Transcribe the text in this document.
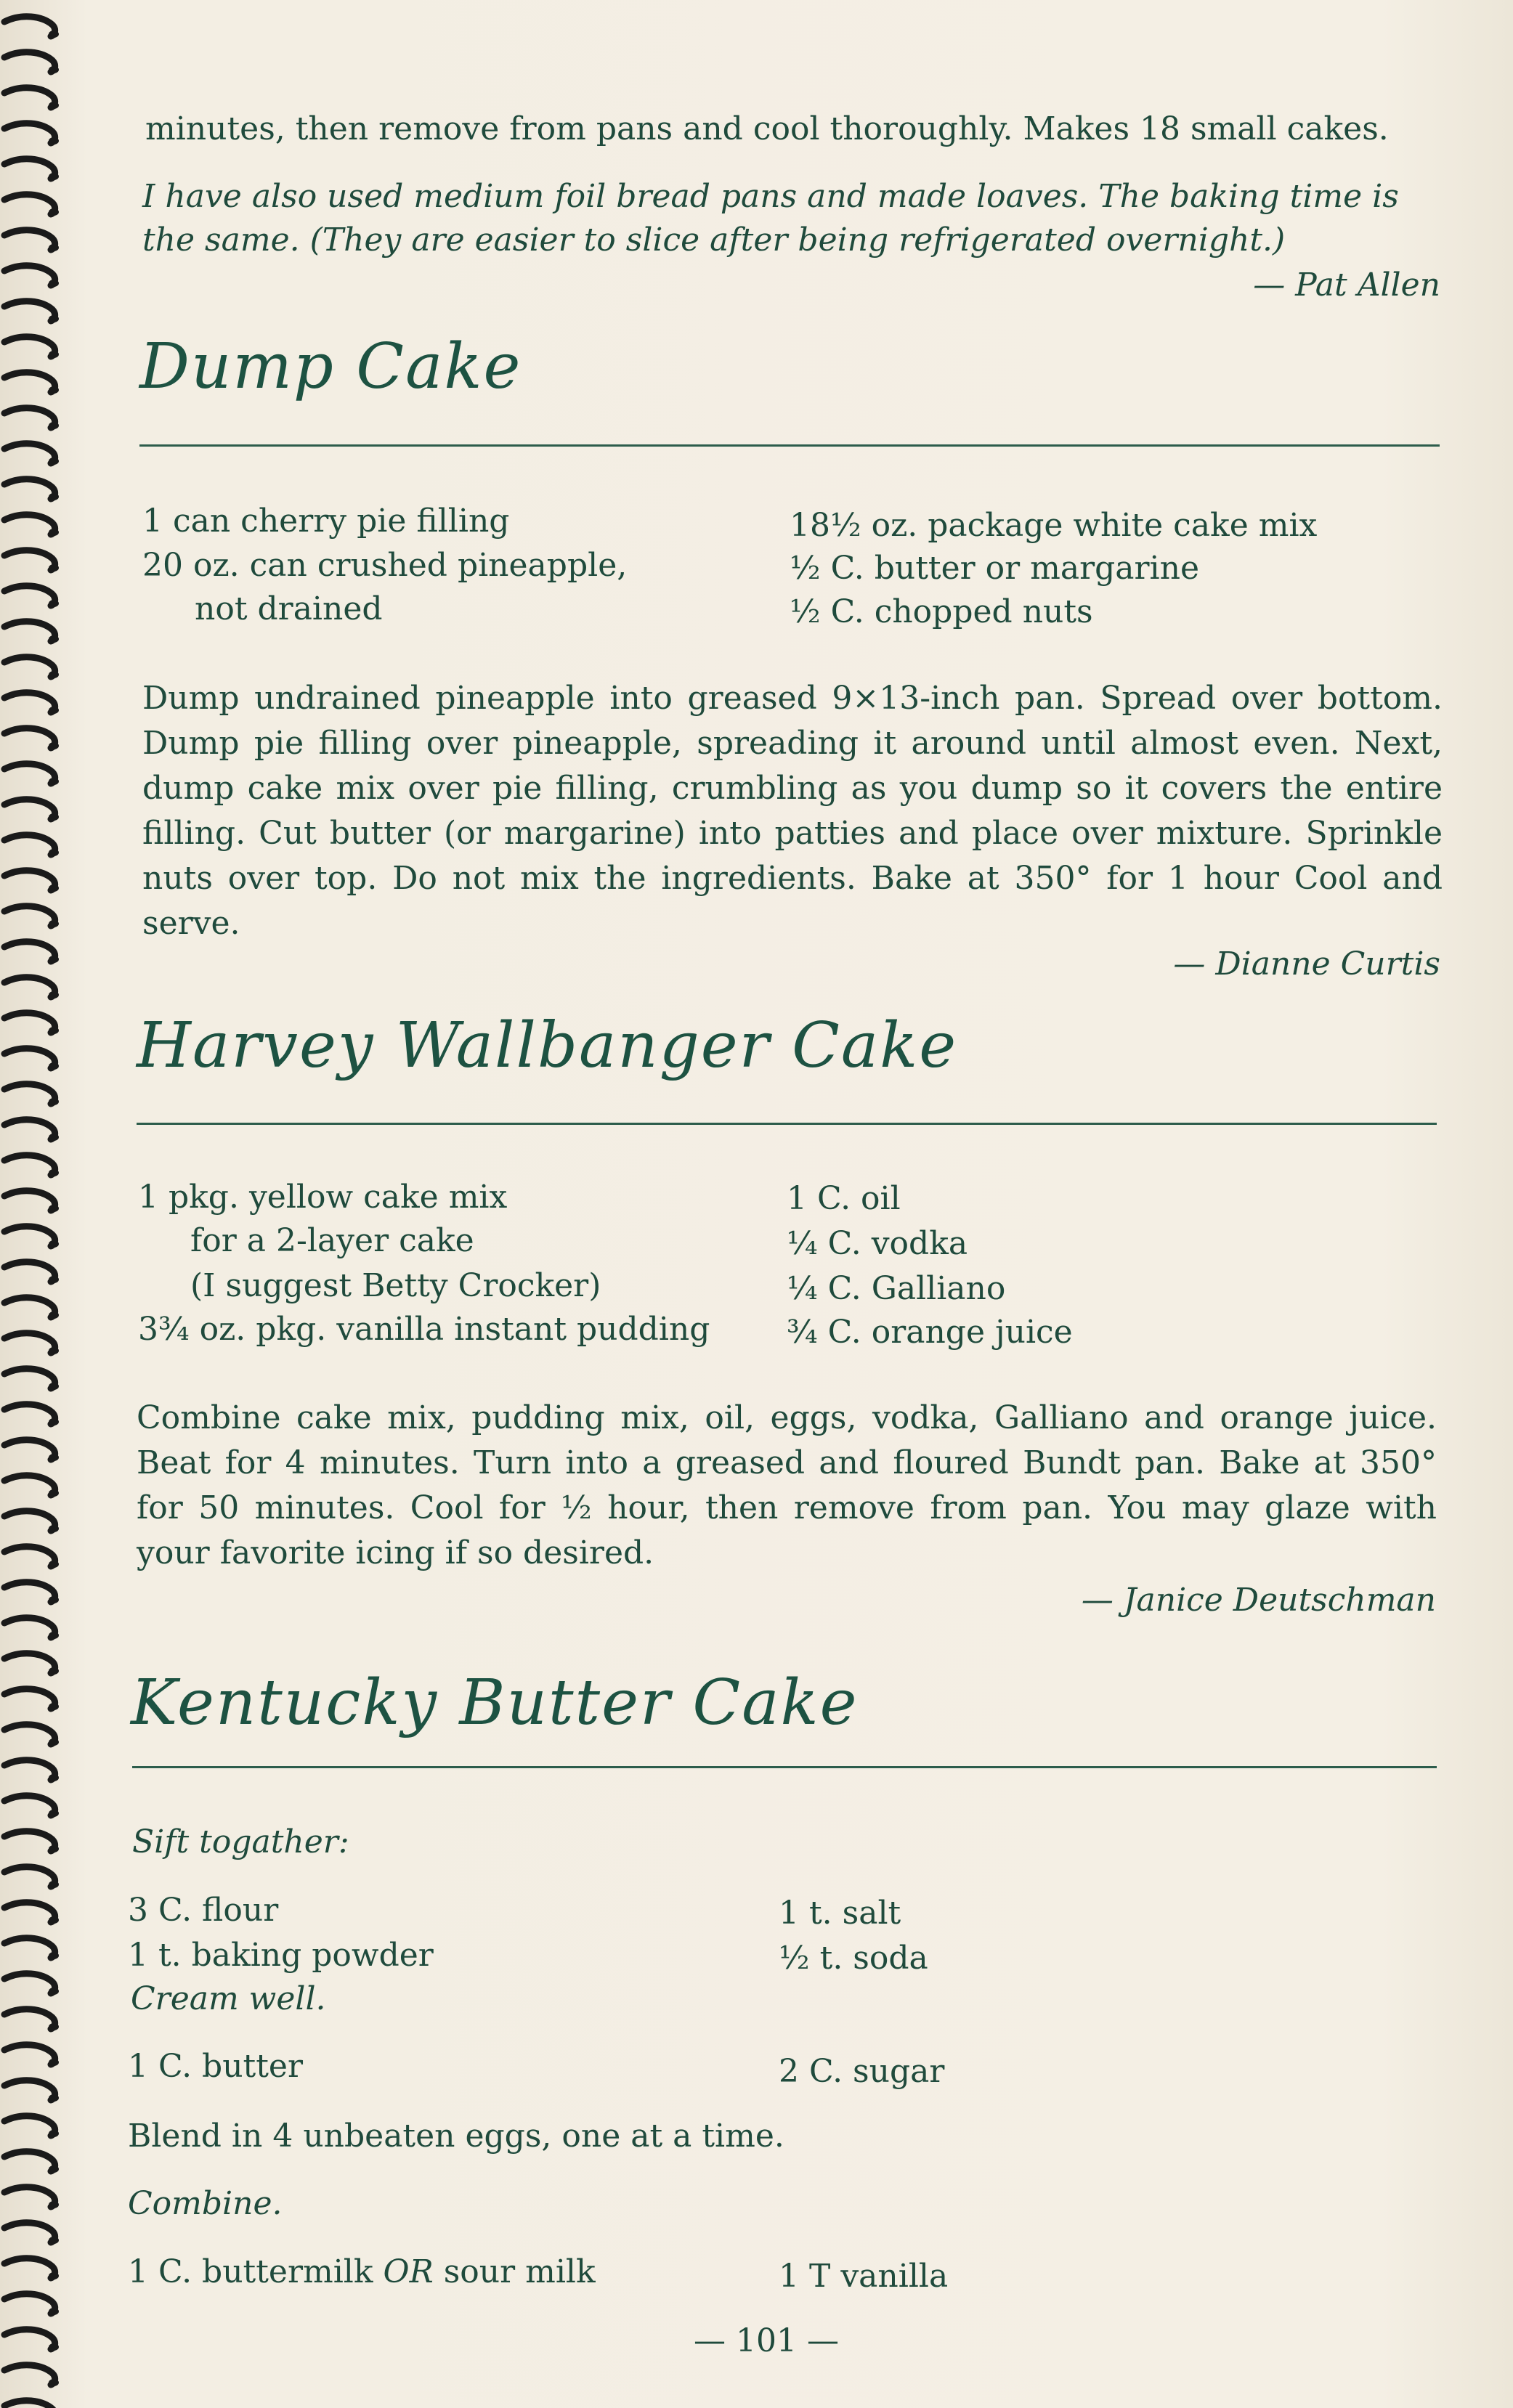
minutes, then remove from pans and cool thoroughly. Makes 18 small cakes.
I have also used medium foil bread pans and made loaves. The baking time is
the same. (They are easier to slice after being refrigerated overnight.)
— Pat Allen
Dump Cake
1 can cherry pie filling
20 oz. can crushed pineapple,
not drained
18½ oz. package white cake mix
½ C. butter or margarine
½ C. chopped nuts
Dump undrained pineapple into greased 9×13-inch pan. Spread over bottom. Dump pie filling over pineapple, spreading it around until almost even. Next, dump cake mix over pie filling, crumbling as you dump so it covers the entire filling. Cut butter (or margarine) into patties and place over mixture. Sprinkle nuts over top. Do not mix the ingredients. Bake at 350° for 1 hour Cool and serve.
— Dianne Curtis
Harvey Wallbanger Cake
1 pkg. yellow cake mix
for a 2-layer cake
(I suggest Betty Crocker)
3¾ oz. pkg. vanilla instant pudding
1 C. oil
¼ C. vodka
¼ C. Galliano
¾ C. orange juice
Combine cake mix, pudding mix, oil, eggs, vodka, Galliano and orange juice. Beat for 4 minutes. Turn into a greased and floured Bundt pan. Bake at 350° for 50 minutes. Cool for ½ hour, then remove from pan. You may glaze with your favorite icing if so desired.
— Janice Deutschman
Kentucky Butter Cake
Sift togather:
3 C. flour
1 t. baking powder
1 t. salt
½ t. soda
Cream well.
1 C. butter	2 C. sugar
Blend in 4 unbeaten eggs, one at a time.
Combine.
1 C. buttermilk OR sour milk	1 T vanilla
— 101 —
